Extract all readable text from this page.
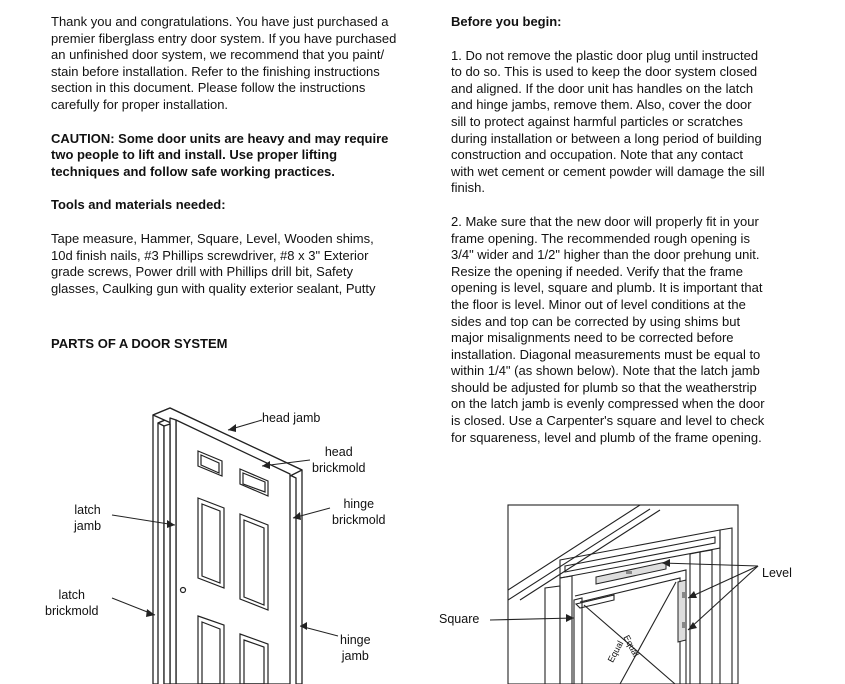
Thank you and congratulations. You have just purchased a
premier fiberglass entry door system. If you have purchased
an unfinished door system, we recommend that you paint/
stain before installation. Refer to the finishing instructions
section in this document. Please follow the instructions
carefully for proper installation.

CAUTION: Some door units are heavy and may require
two people to lift and install. Use proper lifting
techniques and follow safe working practices.

Tools and materials needed:

Tape measure, Hammer, Square, Level, Wooden shims,
10d finish nails, #3 Phillips screwdriver, #8 x 3" Exterior
grade screws, Power drill with Phillips drill bit, Safety
glasses, Caulking gun with quality exterior sealant, Putty

PARTS OF A DOOR SYSTEM

Before you begin:

1. Do not remove the plastic door plug until instructed
to do so. This is used to keep the door system closed
and aligned. If the door unit has handles on the latch
and hinge jambs, remove them. Also, cover the door
sill to protect against harmful particles or scratches
during installation or between a long period of building
construction and occupation. Note that any contact
with wet cement or cement powder will damage the sill
finish.

2. Make sure that the new door will properly fit in your
frame opening. The recommended rough opening is
3/4" wider and 1/2" higher than the door prehung unit.
Resize the opening if needed. Verify that the frame
opening is level, square and plumb. It is important that
the floor is level. Minor out of level conditions at the
sides and top can be corrected by using shims but
major misalignments need to be corrected before
installation. Diagonal measurements must be equal to
within 1/4" (as shown below). Note that the latch jamb
should be adjusted for plumb so that the weatherstrip
on the latch jamb is evenly compressed when the door
is closed. Use a Carpenter's square and level to check
for squareness, level and plumb of the frame opening.

head jamb
head
brickmold
hinge
brickmold
latch
jamb
latch
brickmold
hinge
jamb
Level
Square
Equal
Equal
